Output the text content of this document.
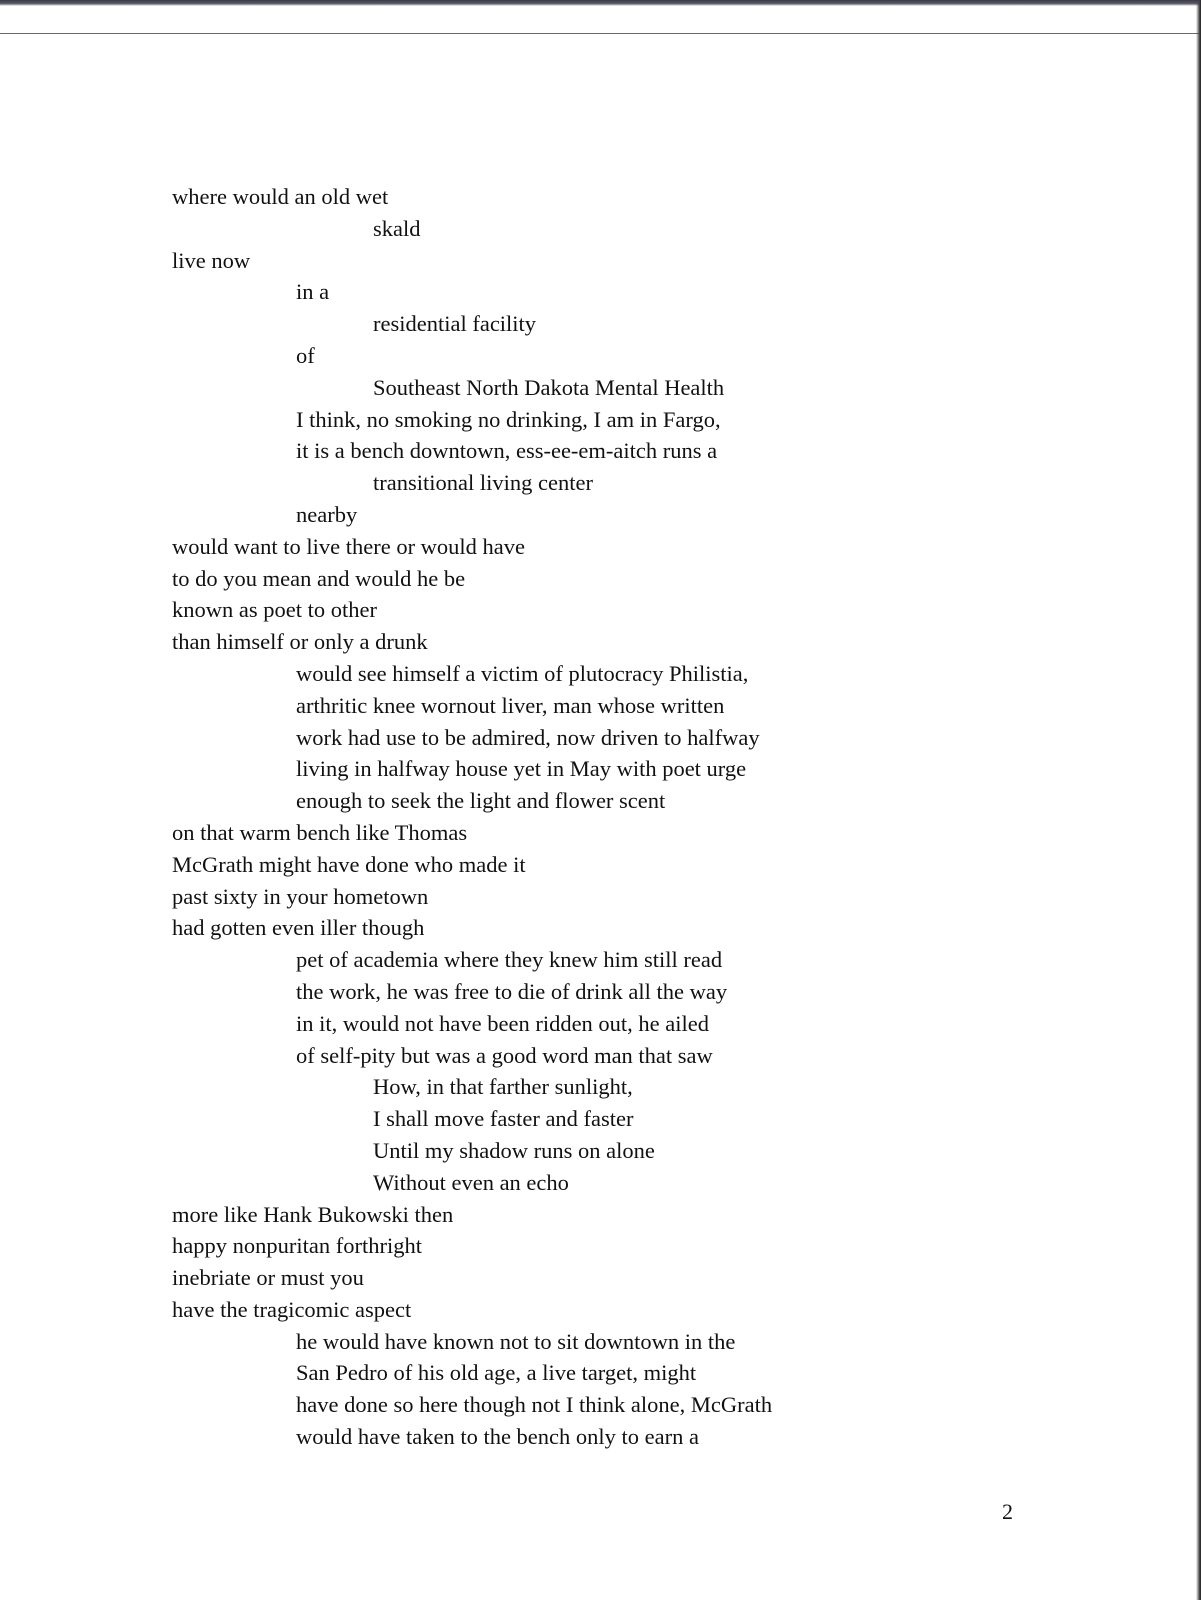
where would an old wet
skald
live now
in a
residential facility
of
Southeast North Dakota Mental Health
I think, no smoking no drinking, I am in Fargo,
it is a bench downtown, ess-ee-em-aitch runs a
transitional living center
nearby
would want to live there or would have
to do you mean and would he be
known as poet to other
than himself or only a drunk
would see himself a victim of plutocracy Philistia,
arthritic knee wornout liver, man whose written
work had use to be admired, now driven to halfway
living in halfway house yet in May with poet urge
enough to seek the light and flower scent
on that warm bench like Thomas
McGrath might have done who made it
past sixty in your hometown
had gotten even iller though
pet of academia where they knew him still read
the work, he was free to die of drink all the way
in it, would not have been ridden out, he ailed
of self-pity but was a good word man that saw
How, in that farther sunlight,
I shall move faster and faster
Until my shadow runs on alone
Without even an echo
more like Hank Bukowski then
happy nonpuritan forthright
inebriate or must you
have the tragicomic aspect
he would have known not to sit downtown in the
San Pedro of his old age, a live target, might
have done so here though not I think alone, McGrath
would have taken to the bench only to earn a
2
